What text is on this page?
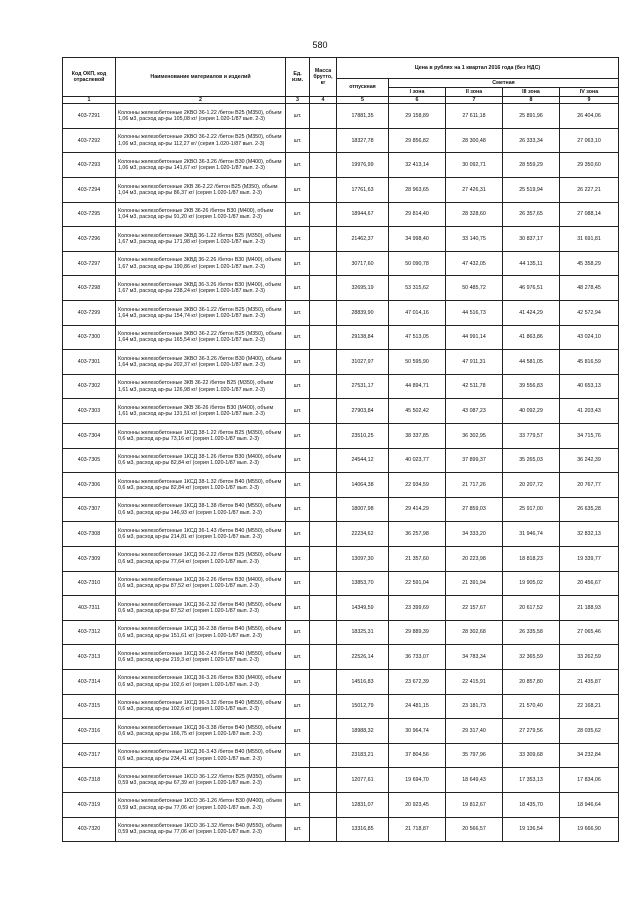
580
Код ОКП, код отраслевой	Наименование материалов и изделий	Ед. изм.	Масса брутто, кг	Цена в рублях на 1 квартал 2016 года (без НДС)				
				отпускная	Сметная			
					I зона	II зона	III зона	IV зона
1	2	3	4	5	6	7	8	9
403-7291	Колонны железобетонные 2КВО 36-1.22 /бетон В25 (М350), объем 1,06 м3, расход ар-ры 105,08 кг/ (серия 1.020-1/87 вып. 2-3)	шт.		17881,35	29 158,89	27 611,18	25 891,96	26 404,06
403-7292	Колонны железобетонные 2КВО 36-2.22 /бетон В25 (М350), объем 1,06 м3, расход ар-ры 112,27 кг/ (серия 1.020-1/87 вып. 2-3)	шт.		18327,78	29 856,82	28 300,48	26 333,34	27 063,10
403-7293	Колонны железобетонные 2КВО 36-3.26 /бетон В30 (М400), объем 1,06 м3, расход ар-ры 141,67 кг/ (серия 1.020-1/87 вып. 2-3)	шт.		19976,99	32 413,14	30 092,71	28 559,29	29 350,60
403-7294	Колонны железобетонные 2КВ 36-2.22 /бетон В25 (М350), объем 1,04 м3, расход ар-ры 86,37 кг/ (серия 1.020-1/87 вып. 2-3)	шт.		17761,63	28 963,65	27 426,31	25 519,94	26 227,21
403-7295	Колонны железобетонные 2КВ 36-26 /бетон В30 (М400), объем 1,04 м3, расход ар-ры 91,20 кг/ (серия 1.020-1/87 вып. 2-3)	шт.		18944,67	29 814,40	28 328,60	26 357,65	27 088,14
403-7296	Колонны железобетонные 3КВД 36-1.22 /бетон В25 (М350), объем 1,67 м3, расход ар-ры 171,98 кг/ (серия 1.020-1/87 вып. 2-3)	шт.		21462,37	34 998,40	33 140,75	30 837,17	31 691,81
403-7297	Колонны железобетонные 3КВД 36-2.26 /бетон В30 (М400), объем 1,67 м3, расход ар-ры 190,86 кг/ (серия 1.020-1/87 вып. 2-3)	шт.		30717,60	50 090,78	47 432,05	44 135,11	45 358,29
403-7298	Колонны железобетонные 3КВД 36-3.26 /бетон В30 (М400), объем 1,67 м3, расход ар-ры 238,24 кг/ (серия 1.020-1/87 вып. 2-3)	шт.		32695,19	53 315,62	50 485,72	46 976,51	48 278,45
403-7299	Колонны железобетонные 3КВО 36-1.22 /бетон В25 (М350), объем 1,64 м3, расход ар-ры 154,74 кг/ (серия 1.020-1/87 вып. 2-3)	шт.		28839,90	47 014,16	44 516,73	41 424,29	42 572,94
403-7300	Колонны железобетонные 3КВО 36-2.22 /бетон В25 (М350), объем 1,64 м3, расход ар-ры 165,54 кг/ (серия 1.020-1/87 вып. 2-3)	шт.		29138,84	47 513,05	44 991,14	41 863,86	43 024,10
403-7301	Колонны железобетонные 3КВО 36-3.26 /бетон В30 (М400), объем 1,64 м3, расход ар-ры 202,37 кг/ (серия 1.020-1/87 вып. 2-3)	шт.		31027,97	50 595,90	47 911,31	44 581,05	45 816,59
403-7302	Колонны железобетонные 3КВ 36-22 /бетон В25 (М350), объем 1,61 м3, расход ар-ры 126,98 кг/ (серия 1.020-1/87 вып. 2-3)	шт.		27531,17	44 894,71	42 511,78	39 556,83	40 653,13
403-7303	Колонны железобетонные 3КВ 36-26 /бетон В30 (М400), объем 1,61 м3, расход ар-ры 131,51 кг/ (серия 1.020-1/87 вып. 2-3)	шт.		27903,84	45 502,42	43 087,23	40 092,29	41 203,43
403-7304	Колонны железобетонные 1КСД 38-1.22 /бетон В25 (М350), объем 0,6 м3, расход ар-ры 73,16 кг/ (серия 1.020-1/87 вып. 2-3)	шт.		23510,25	38 337,85	36 302,95	33 779,57	34 715,76
403-7305	Колонны железобетонные 1КСД 38-1.26 /бетон В30 (М400), объем 0,6 м3, расход ар-ры 82,84 кг/ (серия 1.020-1/87 вып. 2-3)	шт.		24544,12	40 023,77	37 899,37	35 265,03	36 242,39
403-7306	Колонны железобетонные 1КСД 38-1.32 /бетон В40 (М550), объем 0,6 м3, расход ар-ры 82,84 кг/ (серия 1.020-1/87 вып. 2-3)	шт.		14064,38	22 934,59	21 717,26	20 207,72	20 767,77
403-7307	Колонны железобетонные 1КСД 38-1.38 /бетон В40 (М550), объем 0,6 м3, расход ар-ры 146,93 кг/ (серия 1.020-1/87 вып. 2-3)	шт.		18007,98	29 414,29	27 859,03	25 917,00	26 635,28
403-7308	Колонны железобетонные 1КСД 36-1.43 /бетон В40 (М550), объем 0,6 м3, расход ар-ры 214,81 кг/ (серия 1.020-1/87 вып. 2-3)	шт.		22234,62	36 257,98	34 333,20	31 946,74	32 832,13
403-7309	Колонны железобетонные 1КСД 36-2.22 /бетон В25 (М350), объем 0,6 м3, расход ар-ры 77,64 кг/ (серия 1.020-1/87 вып. 2-3)	шт.		13097,30	21 357,60	20 223,98	18 818,23	19 339,77
403-7310	Колонны железобетонные 1КСД 36-2.26 /бетон В30 (М400), объем 0,6 м3, расход ар-ры 87,52 кг/ (серия 1.020-1/87 вып. 2-3)	шт.		13853,70	22 591,04	21 391,94	19 905,02	20 456,67
403-7311	Колонны железобетонные 1КСД 36-2.32 /бетон В40 (М550), объем 0,6 м3, расход ар-ры 87,52 кг/ (серия 1.020-1/87 вып. 2-3)	шт.		14349,59	23 399,69	22 157,67	20 617,52	21 188,93
403-7312	Колонны железобетонные 1КСД 36-2.38 /бетон В40 (М550), объем 0,6 м3, расход ар-ры 151,61 кг/ (серия 1.020-1/87 вып. 2-3)	шт.		18325,31	29 889,39	28 302,68	26 335,58	27 065,46
403-7313	Колонны железобетонные 1КСД 36-2.43 /бетон В40 (М550), объем 0,6 м3, расход ар-ры 219,3 кг/ (серия 1.020-1/87 вып. 2-3)	шт.		22526,14	36 733,07	34 783,34	32 365,59	33 262,59
403-7314	Колонны железобетонные 1КСД 36-3.26 /бетон В30 (М400), объем 0,6 м3, расход ар-ры 102,6 кг/ (серия 1.020-1/87 вып. 2-3)	шт.		14516,83	23 672,39	22 415,91	20 857,80	21 435,87
403-7315	Колонны железобетонные 1КСД 36-3.32 /бетон В40 (М550), объем 0,6 м3, расход ар-ры 102,6 кг/ (серия 1.020-1/87 вып. 2-3)	шт.		15012,79	24 481,15	23 181,73	21 570,40	22 168,21
403-7316	Колонны железобетонные 1КСД 36-3.38 /бетон В40 (М550), объем 0,6 м3, расход ар-ры 166,75 кг/ (серия 1.020-1/87 вып. 2-3)	шт.		18988,32	30 964,74	29 317,40	27 279,56	28 035,62
403-7317	Колонны железобетонные 1КСД 36-3.43 /бетон В40 (М550), объем 0,6 м3, расход ар-ры 234,41 кг/ (серия 1.020-1/87 вып. 2-3)	шт.		23183,21	37 804,56	35 797,96	33 309,68	34 232,84
403-7318	Колонны железобетонные 1КСО 36-1.22 /бетон В25 (М350), объем 0,59 м3, расход ар-ры 67,39 кг/ (серия 1.020-1/87 вып. 2-3)	шт.		12077,61	19 694,70	18 649,43	17 353,13	17 834,06
403-7319	Колонны железобетонные 1КСО 36-1.26 /бетон В30 (М400), объем 0,59 м3, расход ар-ры 77,06 кг/ (серия 1.020-1/87 вып. 2-3)	шт.		12831,07	20 923,45	19 812,67	18 435,70	18 946,64
403-7320	Колонны железобетонные 1КСО 36-1.32 /бетон В40 (М550), объем 0,59 м3, расход ар-ры 77,06 кг/ (серия 1.020-1/87 вып. 2-3)	шт.		13316,85	21 718,87	20 566,57	19 136,54	19 666,90
